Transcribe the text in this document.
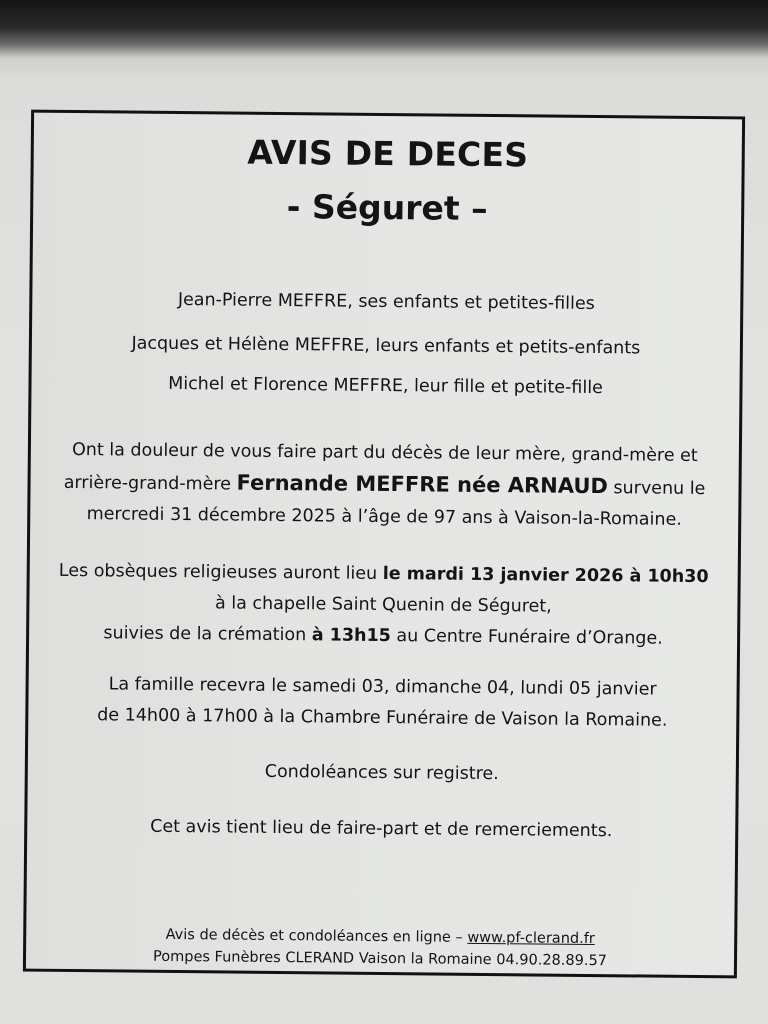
AVIS DE DECES
- Séguret –
Jean-Pierre MEFFRE, ses enfants et petites-filles
Jacques et Hélène MEFFRE, leurs enfants et petits-enfants
Michel et Florence MEFFRE, leur fille et petite-fille
Ont la douleur de vous faire part du décès de leur mère, grand-mère et arrière-grand-mère Fernande MEFFRE née ARNAUD survenu le mercredi 31 décembre 2025 à l’âge de 97 ans à Vaison-la-Romaine.
Les obsèques religieuses auront lieu le mardi 13 janvier 2026 à 10h30
à la chapelle Saint Quenin de Séguret,
suivies de la crémation à 13h15 au Centre Funéraire d’Orange.
La famille recevra le samedi 03, dimanche 04, lundi 05 janvier
de 14h00 à 17h00 à la Chambre Funéraire de Vaison la Romaine.
Condoléances sur registre.
Cet avis tient lieu de faire-part et de remerciements.
Avis de décès et condoléances en ligne – www.pf-clerand.fr
Pompes Funèbres CLERAND Vaison la Romaine 04.90.28.89.57
